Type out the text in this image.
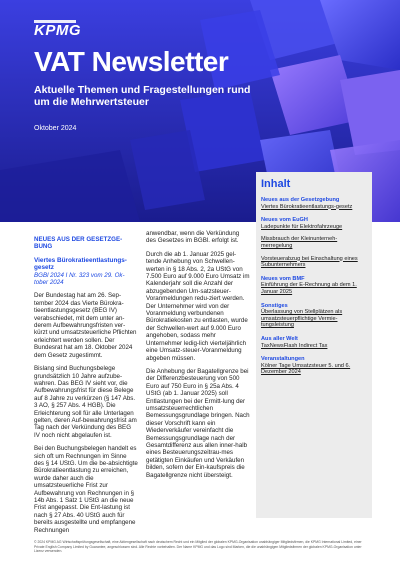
KPMG
VAT Newsletter
Aktuelle Themen und Fragestellungen rund um die Mehrwertsteuer
Oktober 2024
NEUES AUS DER GESETZGE-BUNG
Viertes Bürokratieentlastungs-gesetz
BGBl 2024 I Nr. 323 vom 29. Ok-tober 2024
Der Bundestag hat am 26. Sep-tember 2024 das Vierte Bürokra-tieentlastungsgesetz (BEG IV) verabschiedet, mit dem unter an-derem Aufbewahrungsfristen ver-kürzt und umsatzsteuerliche Pflichten erleichtert werden sollen. Der Bundesrat hat am 18. Oktober 2024 dem Gesetz zugestimmt.
Bislang sind Buchungsbelege grundsätzlich 10 Jahre aufzube-wahren. Das BEG IV sieht vor, die Aufbewahrungsfrist für diese Belege auf 8 Jahre zu verkürzen (§ 147 Abs. 3 AO, § 257 Abs. 4 HGB). Die Erleichterung soll für alle Unterlagen gelten, deren Auf-bewahrungsfrist am Tag nach der Verkündung des BEG IV noch nicht abgelaufen ist.
Bei den Buchungsbelegen handelt es sich oft um Rechnungen im Sinne des § 14 UStG. Um die be-absichtigte Bürokratieentlastung zu erreichen, wurde daher auch die umsatzsteuerliche Frist zur Aufbewahrung von Rechnungen in § 14b Abs. 1 Satz 1 UStG an die neue Frist angepasst. Die Ent-lastung ist nach § 27 Abs. 40 UStG auch für bereits ausgestellte und empfangene Rechnungen
anwendbar, wenn die Verkündung des Gesetzes im BGBl. erfolgt ist.
Durch die ab 1. Januar 2025 gel-tende Anhebung von Schwellen-werten in § 18 Abs. 2, 2a UStG von 7.500 Euro auf 9.000 Euro Umsatz im Kalenderjahr soll die Anzahl der abzugebenden Um-satzsteuer-Voranmeldungen redu-ziert werden. Der Unternehmer wird von der Voranmeldung verbundenen Bürokratiekosten zu entlasten, wurde der Schwellen-wert auf 9.000 Euro angehoben, sodass mehr Unternehmer ledig-lich vierteljährlich eine Umsatz-steuer-Voranmeldung abgeben müssen.
Die Anhebung der Bagatellgrenze bei der Differenzbesteuerung von 500 Euro auf 750 Euro in § 25a Abs. 4 UStG (ab 1. Januar 2025) soll Entlastungen bei der Ermitt-lung der umsatzsteuerrechtlichen Bemessungsgrundlage bringen. Nach dieser Vorschrift kann ein Wiederverkäufer vereinfacht die Bemessungsgrundlage nach der Gesamtdifferenz aus allen inner-halb eines Besteuerungszeitrau-mes getätigten Einkäufen und Verkäufen bilden, sofern der Ein-kaufspreis die Bagatellgrenze nicht übersteigt.
Inhalt
Neues aus der Gesetzgebung
Viertes Bürokratieentlastungs-gesetz
Neues vom EuGH
Ladepunkte für Elektrofahrzeuge
Missbrauch der Kleinunterneh-merregelung
Vorsteuerabzug bei Einschaltung eines Subunternehmers
Neues vom BMF
Einführung der E-Rechnung ab dem 1. Januar 2025
Sonstiges
Überlassung von Stellplätzen als umsatzsteuerpflichtige Vermie-tungsleistung
Aus aller Welt
TaxNewsFlash Indirect Tax
Veranstaltungen
Kölner Tage Umsatzsteuer 5. und 6. Dezember 2024
© 2024 KPMG AG Wirtschaftsprüfungsgesellschaft, eine Aktiengesellschaft nach deutschem Recht und ein Mitglied der globalen KPMG-Organisation unabhängiger Mitgliedsfirmen, die KPMG International Limited, einer Private English Company Limited by Guarantee, angeschlossen sind. Alle Rechte vorbehalten. Der Name KPMG und das Logo sind Marken, die die unabhängigen Mitgliedsfirmen der globalen KPMG-Organisation unter Lizenz verwenden.
